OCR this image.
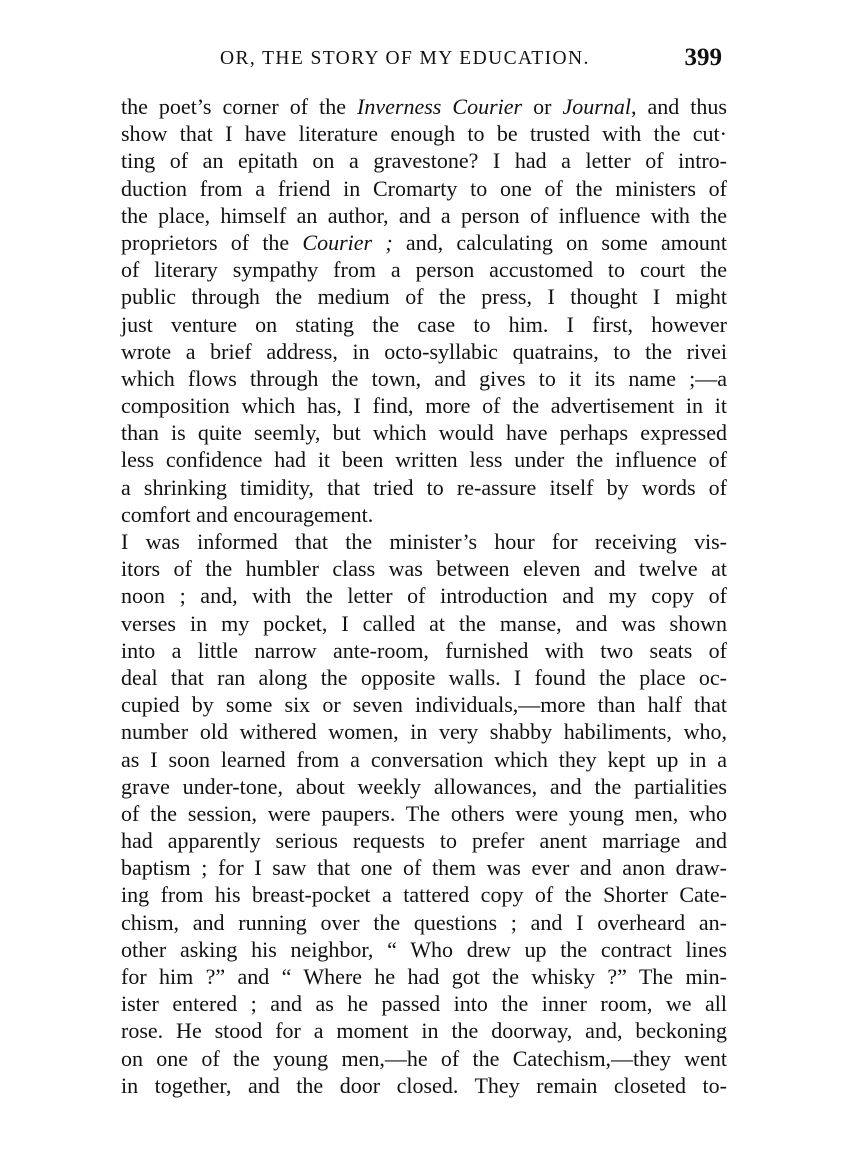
OR, THE STORY OF MY EDUCATION.	399
the poet’s corner of the Inverness Courier or Journal, and thus
show that I have literature enough to be trusted with the cut·
ting of an epitath on a gravestone? I had a letter of intro-
duction from a friend in Cromarty to one of the ministers of
the place, himself an author, and a person of influence with the
proprietors of the Courier ; and, calculating on some amount
of literary sympathy from a person accustomed to court the
public through the medium of the press, I thought I might
just venture on stating the case to him. I first, however
wrote a brief address, in octo-syllabic quatrains, to the rivei
which flows through the town, and gives to it its name ;—a
composition which has, I find, more of the advertisement in it
than is quite seemly, but which would have perhaps expressed
less confidence had it been written less under the influence of
a shrinking timidity, that tried to re-assure itself by words of
comfort and encouragement.
I was informed that the minister’s hour for receiving vis-
itors of the humbler class was between eleven and twelve at
noon ; and, with the letter of introduction and my copy of
verses in my pocket, I called at the manse, and was shown
into a little narrow ante-room, furnished with two seats of
deal that ran along the opposite walls. I found the place oc-
cupied by some six or seven individuals,—more than half that
number old withered women, in very shabby habiliments, who,
as I soon learned from a conversation which they kept up in a
grave under-tone, about weekly allowances, and the partialities
of the session, were paupers. The others were young men, who
had apparently serious requests to prefer anent marriage and
baptism ; for I saw that one of them was ever and anon draw-
ing from his breast-pocket a tattered copy of the Shorter Cate-
chism, and running over the questions ; and I overheard an-
other asking his neighbor, “ Who drew up the contract lines
for him ?” and “ Where he had got the whisky ?” The min-
ister entered ; and as he passed into the inner room, we all
rose. He stood for a moment in the doorway, and, beckoning
on one of the young men,—he of the Catechism,—they went
in together, and the door closed. They remain closeted to-
